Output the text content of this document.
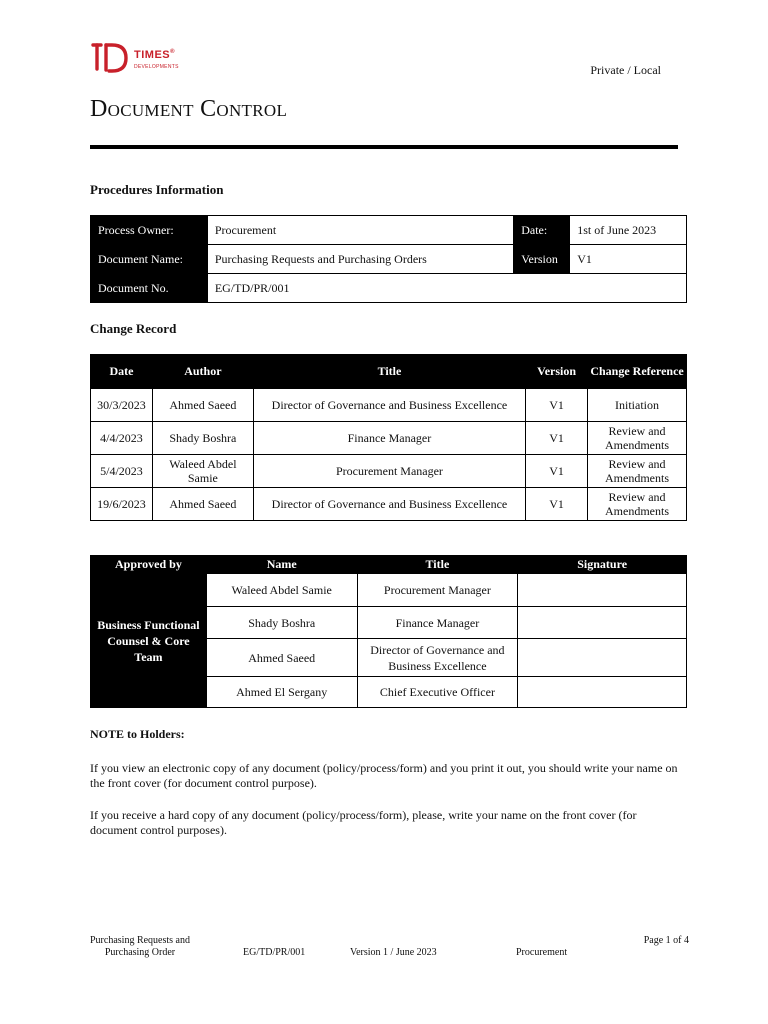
TIMES®
DEVELOPMENTS	Private / Local
Document Control
Procedures Information
Process Owner:	Procurement	Date:	1st of June 2023
Document Name:	Purchasing Requests and Purchasing Orders	Version	V1
Document No.	EG/TD/PR/001		
Change Record
Date	Author	Title	Version	Change Reference
30/3/2023	Ahmed Saeed	Director of Governance and Business Excellence	V1	Initiation
4/4/2023	Shady Boshra	Finance Manager	V1	Review and Amendments
5/4/2023	Waleed Abdel Samie	Procurement Manager	V1	Review and Amendments
19/6/2023	Ahmed Saeed	Director of Governance and Business Excellence	V1	Review and Amendments
Approved by	Name	Title	Signature
Business Functional Counsel & Core Team	Waleed Abdel Samie	Procurement Manager	
	Shady Boshra	Finance Manager	
	Ahmed Saeed	Director of Governance and Business Excellence	
	Ahmed El Sergany	Chief Executive Officer	
NOTE to Holders:
If you view an electronic copy of any document (policy/process/form) and you print it out, you should write your name on the front cover (for document control purpose).
If you receive a hard copy of any document (policy/process/form), please, write your name on the front cover (for document control purposes).
Purchasing Requests and
Purchasing Order	EG/TD/PR/001	Version 1 / June 2023	Procurement
Page 1 of 4
